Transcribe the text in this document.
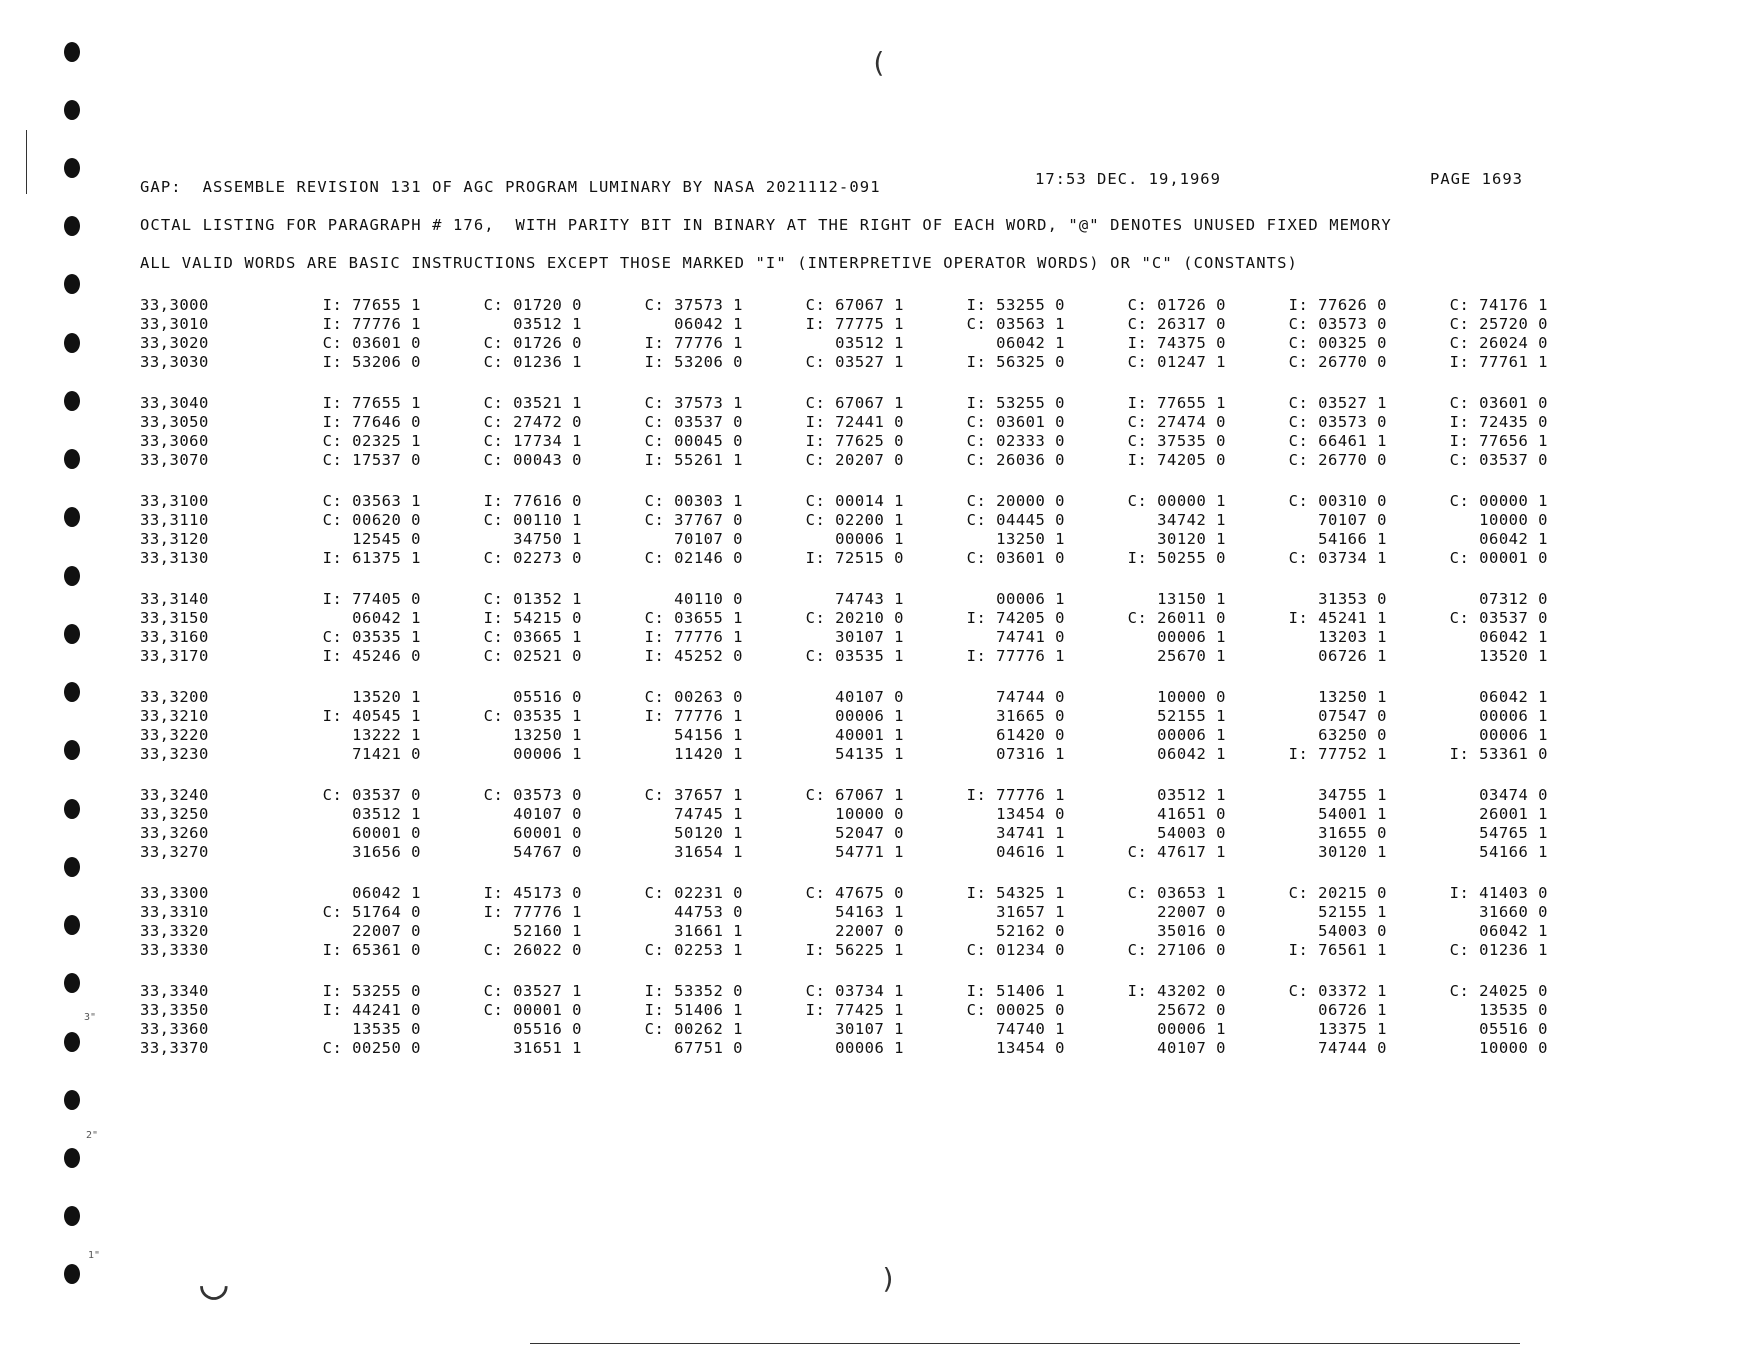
(
◡	)
3"
2"
1"
GAP:  ASSEMBLE REVISION 131 OF AGC PROGRAM LUMINARY BY NASA 2021112-091	17:53 DEC. 19,1969	PAGE 1693
OCTAL LISTING FOR PARAGRAPH # 176,  WITH PARITY BIT IN BINARY AT THE RIGHT OF EACH WORD, "@" DENOTES UNUSED FIXED MEMORY
ALL VALID WORDS ARE BASIC INSTRUCTIONS EXCEPT THOSE MARKED "I" (INTERPRETIVE OPERATOR WORDS) OR "C" (CONSTANTS)
33,3000	I: 77655 1	C: 01720 0	C: 37573 1	C: 67067 1	I: 53255 0	C: 01726 0	I: 77626 0	C: 74176 1
33,3010	I: 77776 1	03512 1	06042 1	I: 77775 1	C: 03563 1	C: 26317 0	C: 03573 0	C: 25720 0
33,3020	C: 03601 0	C: 01726 0	I: 77776 1	03512 1	06042 1	I: 74375 0	C: 00325 0	C: 26024 0
33,3030	I: 53206 0	C: 01236 1	I: 53206 0	C: 03527 1	I: 56325 0	C: 01247 1	C: 26770 0	I: 77761 1
33,3040	I: 77655 1	C: 03521 1	C: 37573 1	C: 67067 1	I: 53255 0	I: 77655 1	C: 03527 1	C: 03601 0
33,3050	I: 77646 0	C: 27472 0	C: 03537 0	I: 72441 0	C: 03601 0	C: 27474 0	C: 03573 0	I: 72435 0
33,3060	C: 02325 1	C: 17734 1	C: 00045 0	I: 77625 0	C: 02333 0	C: 37535 0	C: 66461 1	I: 77656 1
33,3070	C: 17537 0	C: 00043 0	I: 55261 1	C: 20207 0	C: 26036 0	I: 74205 0	C: 26770 0	C: 03537 0
33,3100	C: 03563 1	I: 77616 0	C: 00303 1	C: 00014 1	C: 20000 0	C: 00000 1	C: 00310 0	C: 00000 1
33,3110	C: 00620 0	C: 00110 1	C: 37767 0	C: 02200 1	C: 04445 0	34742 1	70107 0	10000 0
33,3120	12545 0	34750 1	70107 0	00006 1	13250 1	30120 1	54166 1	06042 1
33,3130	I: 61375 1	C: 02273 0	C: 02146 0	I: 72515 0	C: 03601 0	I: 50255 0	C: 03734 1	C: 00001 0
33,3140	I: 77405 0	C: 01352 1	40110 0	74743 1	00006 1	13150 1	31353 0	07312 0
33,3150	06042 1	I: 54215 0	C: 03655 1	C: 20210 0	I: 74205 0	C: 26011 0	I: 45241 1	C: 03537 0
33,3160	C: 03535 1	C: 03665 1	I: 77776 1	30107 1	74741 0	00006 1	13203 1	06042 1
33,3170	I: 45246 0	C: 02521 0	I: 45252 0	C: 03535 1	I: 77776 1	25670 1	06726 1	13520 1
33,3200	13520 1	05516 0	C: 00263 0	40107 0	74744 0	10000 0	13250 1	06042 1
33,3210	I: 40545 1	C: 03535 1	I: 77776 1	00006 1	31665 0	52155 1	07547 0	00006 1
33,3220	13222 1	13250 1	54156 1	40001 1	61420 0	00006 1	63250 0	00006 1
33,3230	71421 0	00006 1	11420 1	54135 1	07316 1	06042 1	I: 77752 1	I: 53361 0
33,3240	C: 03537 0	C: 03573 0	C: 37657 1	C: 67067 1	I: 77776 1	03512 1	34755 1	03474 0
33,3250	03512 1	40107 0	74745 1	10000 0	13454 0	41651 0	54001 1	26001 1
33,3260	60001 0	60001 0	50120 1	52047 0	34741 1	54003 0	31655 0	54765 1
33,3270	31656 0	54767 0	31654 1	54771 1	04616 1	C: 47617 1	30120 1	54166 1
33,3300	06042 1	I: 45173 0	C: 02231 0	C: 47675 0	I: 54325 1	C: 03653 1	C: 20215 0	I: 41403 0
33,3310	C: 51764 0	I: 77776 1	44753 0	54163 1	31657 1	22007 0	52155 1	31660 0
33,3320	22007 0	52160 1	31661 1	22007 0	52162 0	35016 0	54003 0	06042 1
33,3330	I: 65361 0	C: 26022 0	C: 02253 1	I: 56225 1	C: 01234 0	C: 27106 0	I: 76561 1	C: 01236 1
33,3340	I: 53255 0	C: 03527 1	I: 53352 0	C: 03734 1	I: 51406 1	I: 43202 0	C: 03372 1	C: 24025 0
33,3350	I: 44241 0	C: 00001 0	I: 51406 1	I: 77425 1	C: 00025 0	25672 0	06726 1	13535 0
33,3360	13535 0	05516 0	C: 00262 1	30107 1	74740 1	00006 1	13375 1	05516 0
33,3370	C: 00250 0	31651 1	67751 0	00006 1	13454 0	40107 0	74744 0	10000 0
